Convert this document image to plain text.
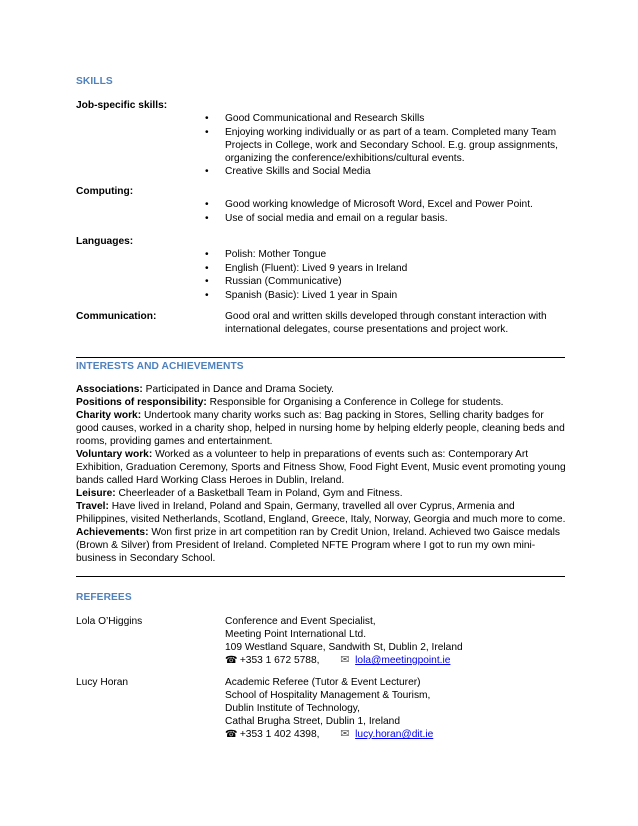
SKILLS
Job-specific skills:
• Good Communicational and Research Skills
• Enjoying working individually or as part of a team. Completed many Team Projects in College, work and Secondary School. E.g. group assignments, organizing the conference/exhibitions/cultural events.
• Creative Skills and Social Media
Computing:
• Good working knowledge of Microsoft Word, Excel and Power Point.
• Use of social media and email on a regular basis.
Languages:
• Polish: Mother Tongue
• English (Fluent): Lived 9 years in Ireland
• Russian (Communicative)
• Spanish (Basic): Lived 1 year in Spain
Communication:	Good oral and written skills developed through constant interaction with international delegates, course presentations and project work.
INTERESTS AND ACHIEVEMENTS

Associations: Participated in Dance and Drama Society.

Positions of responsibility: Responsible for Organising a Conference in College for students.

Charity work: Undertook many charity works such as: Bag packing in Stores, Selling charity badges for good causes, worked in a charity shop, helped in nursing home by helping elderly people, cleaning beds and rooms, providing games and entertainment.

Voluntary work: Worked as a volunteer to help in preparations of events such as: Contemporary Art Exhibition, Graduation Ceremony, Sports and Fitness Show, Food Fight Event, Music event promoting young bands called Hard Working Class Heroes in Dublin, Ireland.

Leisure: Cheerleader of a Basketball Team in Poland, Gym and Fitness.

Travel: Have lived in Ireland, Poland and Spain, Germany, travelled all over Cyprus, Armenia and Philippines, visited Netherlands, Scotland, England, Greece, Italy, Norway, Georgia and much more to come.

Achievements: Won first prize in art competition ran by Credit Union, Ireland. Achieved two Gaisce medals (Brown & Silver) from President of Ireland. Completed NFTE Program where I got to run my own mini-business in Secondary School.

REFEREES
Lola O’Higgins	Conference and Event Specialist,
Meeting Point International Ltd.
109 Westland Square, Sandwith St, Dublin 2, Ireland
☎ +353 1 672 5788, ✉ lola@meetingpoint.ie
Lucy Horan	Academic Referee (Tutor & Event Lecturer)
School of Hospitality Management & Tourism,
Dublin Institute of Technology,
Cathal Brugha Street, Dublin 1, Ireland
☎ +353 1 402 4398, ✉ lucy.horan@dit.ie
